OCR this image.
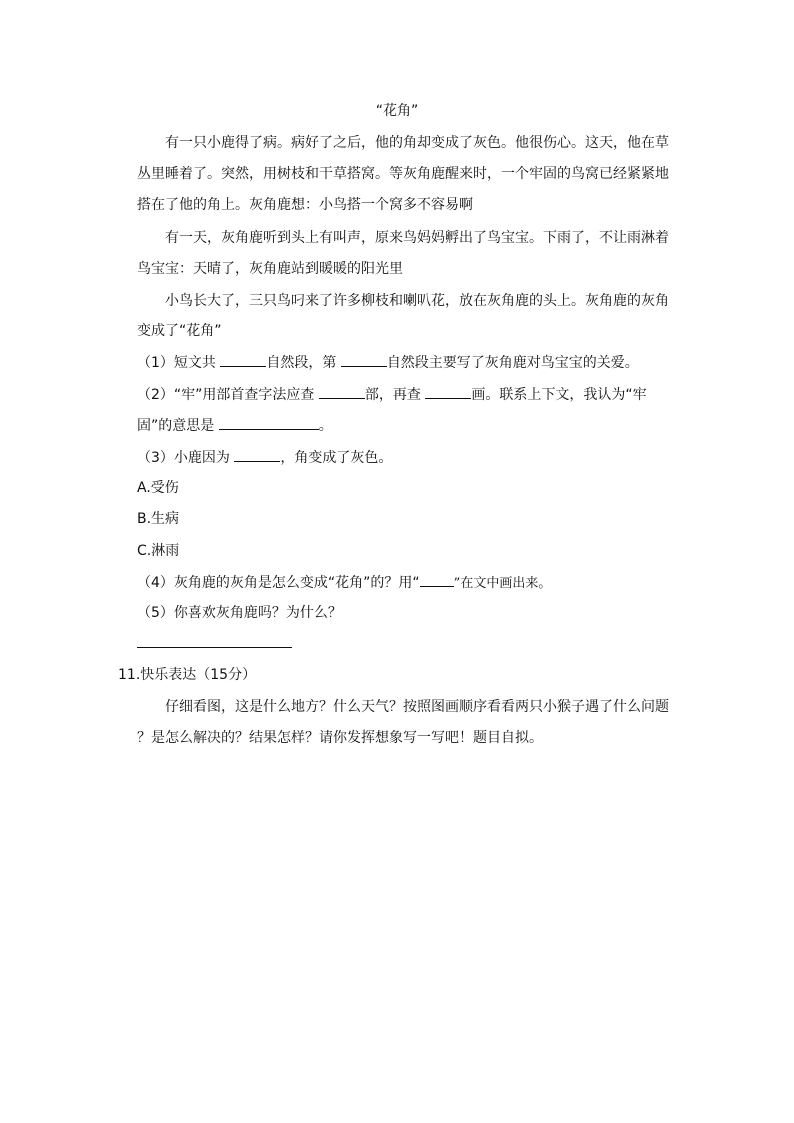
“花角”
有一只小鹿得了病。病好了之后，他的角却变成了灰色。他很伤心。这天，他在草
丛里睡着了。突然，用树枝和干草搭窝。等灰角鹿醒来时，一个牢固的鸟窝已经紧紧地
搭在了他的角上。灰角鹿想：小鸟搭一个窝多不容易啊
有一天，灰角鹿听到头上有叫声，原来鸟妈妈孵出了鸟宝宝。下雨了，不让雨淋着
鸟宝宝：天晴了，灰角鹿站到暖暖的阳光里
小鸟长大了，三只鸟叼来了许多柳枝和喇叭花，放在灰角鹿的头上。灰角鹿的灰角
变成了“花角”
（1）短文共	自然段，第	自然段主要写了灰角鹿对鸟宝宝的关爱。
（2）“牢”用部首查字法应查	部，再查	画。联系上下文，我认为“牢
固”的意思是	。
（3）小鹿因为	，角变成了灰色。
A.受伤
B.生病
C.淋雨
（4）灰角鹿的灰角是怎么变成“花角”的？用“	”在文中画出来。
（5）你喜欢灰角鹿吗？为什么？
11.快乐表达（15分）
仔细看图，这是什么地方？什么天气？按照图画顺序看看两只小猴子遇了什么问题
？是怎么解决的？结果怎样？请你发挥想象写一写吧！题目自拟。
